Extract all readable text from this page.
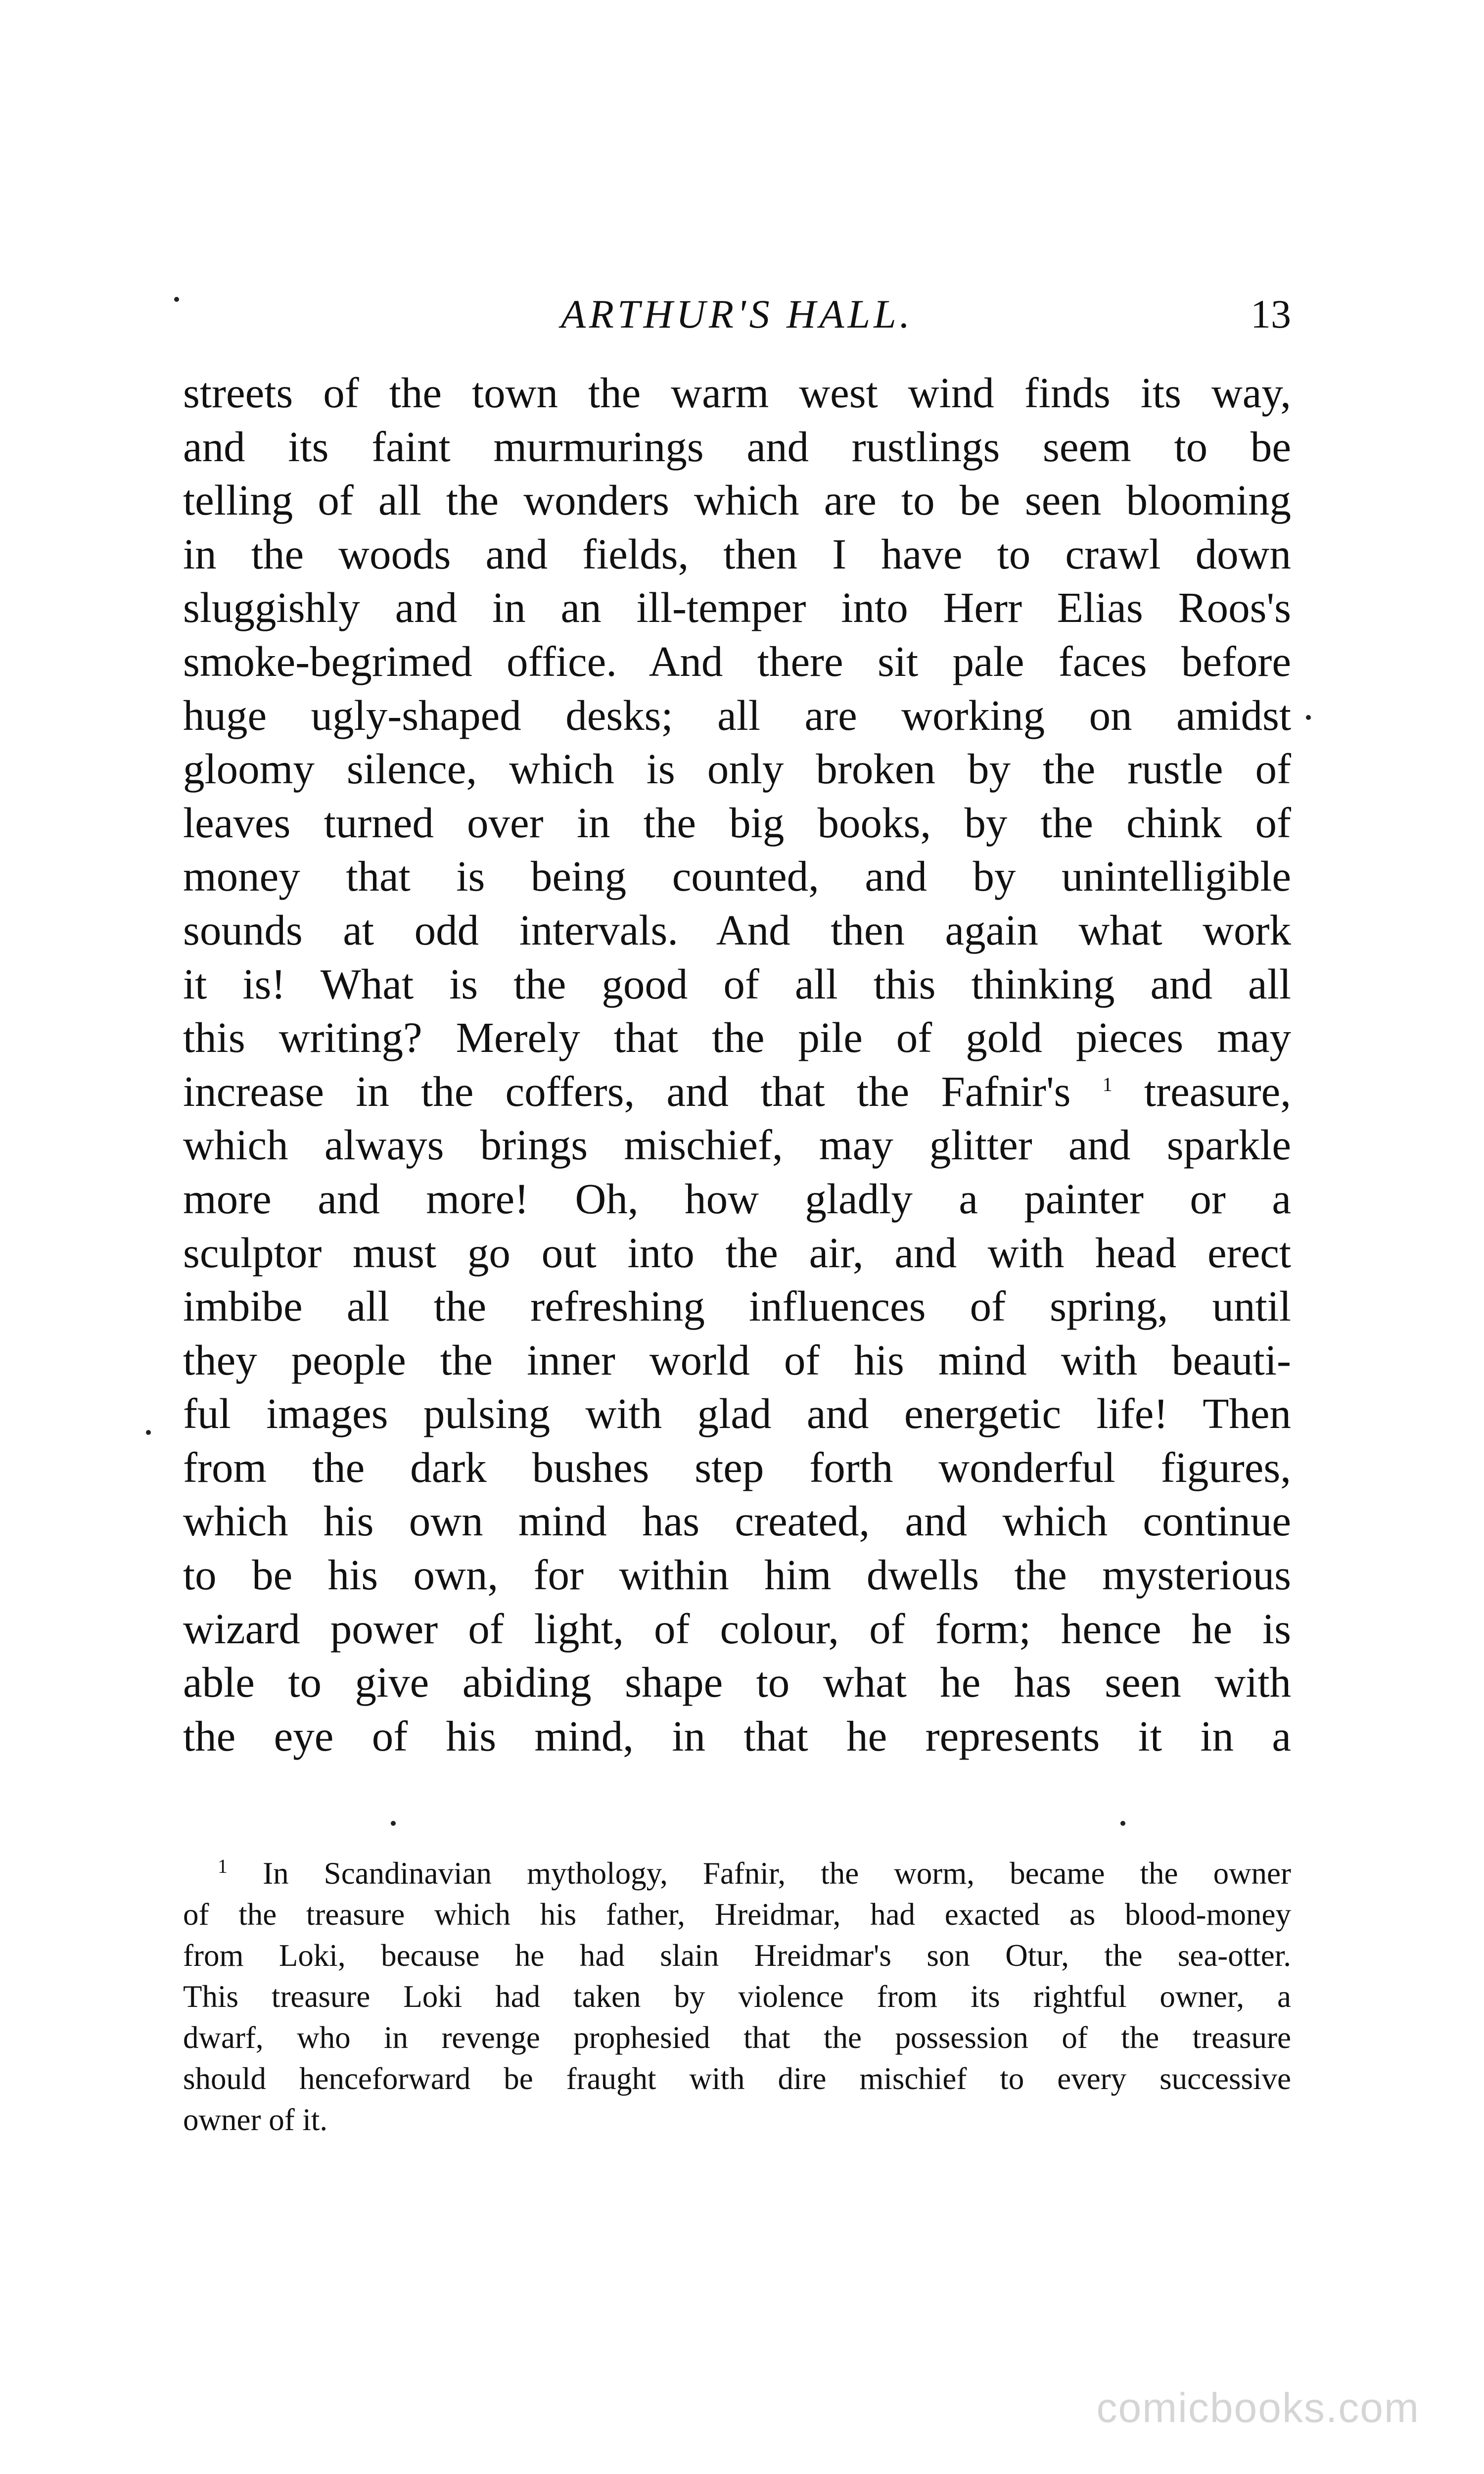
ARTHUR'S HALL.	13
streets of the town the warm west wind finds its way,
and its faint murmurings and rustlings seem to be
telling of all the wonders which are to be seen blooming
in the woods and fields, then I have to crawl down
sluggishly and in an ill-temper into Herr Elias Roos's
smoke-begrimed office. And there sit pale faces before
huge ugly-shaped desks; all are working on amidst
gloomy silence, which is only broken by the rustle of
leaves turned over in the big books, by the chink of
money that is being counted, and by unintelligible
sounds at odd intervals. And then again what work
it is! What is the good of all this thinking and all
this writing? Merely that the pile of gold pieces may
increase in the coffers, and that the Fafnir's $^1$ treasure,
which always brings mischief, may glitter and sparkle
more and more! Oh, how gladly a painter or a
sculptor must go out into the air, and with head erect
imbibe all the refreshing influences of spring, until
they people the inner world of his mind with beauti-
ful images pulsing with glad and energetic life! Then
from the dark bushes step forth wonderful figures,
which his own mind has created, and which continue
to be his own, for within him dwells the mysterious
wizard power of light, of colour, of form; hence he is
able to give abiding shape to what he has seen with
the eye of his mind, in that he represents it in a
$^1$ In Scandinavian mythology, Fafnir, the worm, became the owner
of the treasure which his father, Hreidmar, had exacted as blood-money
from Loki, because he had slain Hreidmar's son Otur, the sea-otter.
This treasure Loki had taken by violence from its rightful owner, a
dwarf, who in revenge prophesied that the possession of the treasure
should henceforward be fraught with dire mischief to every successive
owner of it.
comicbooks.com
